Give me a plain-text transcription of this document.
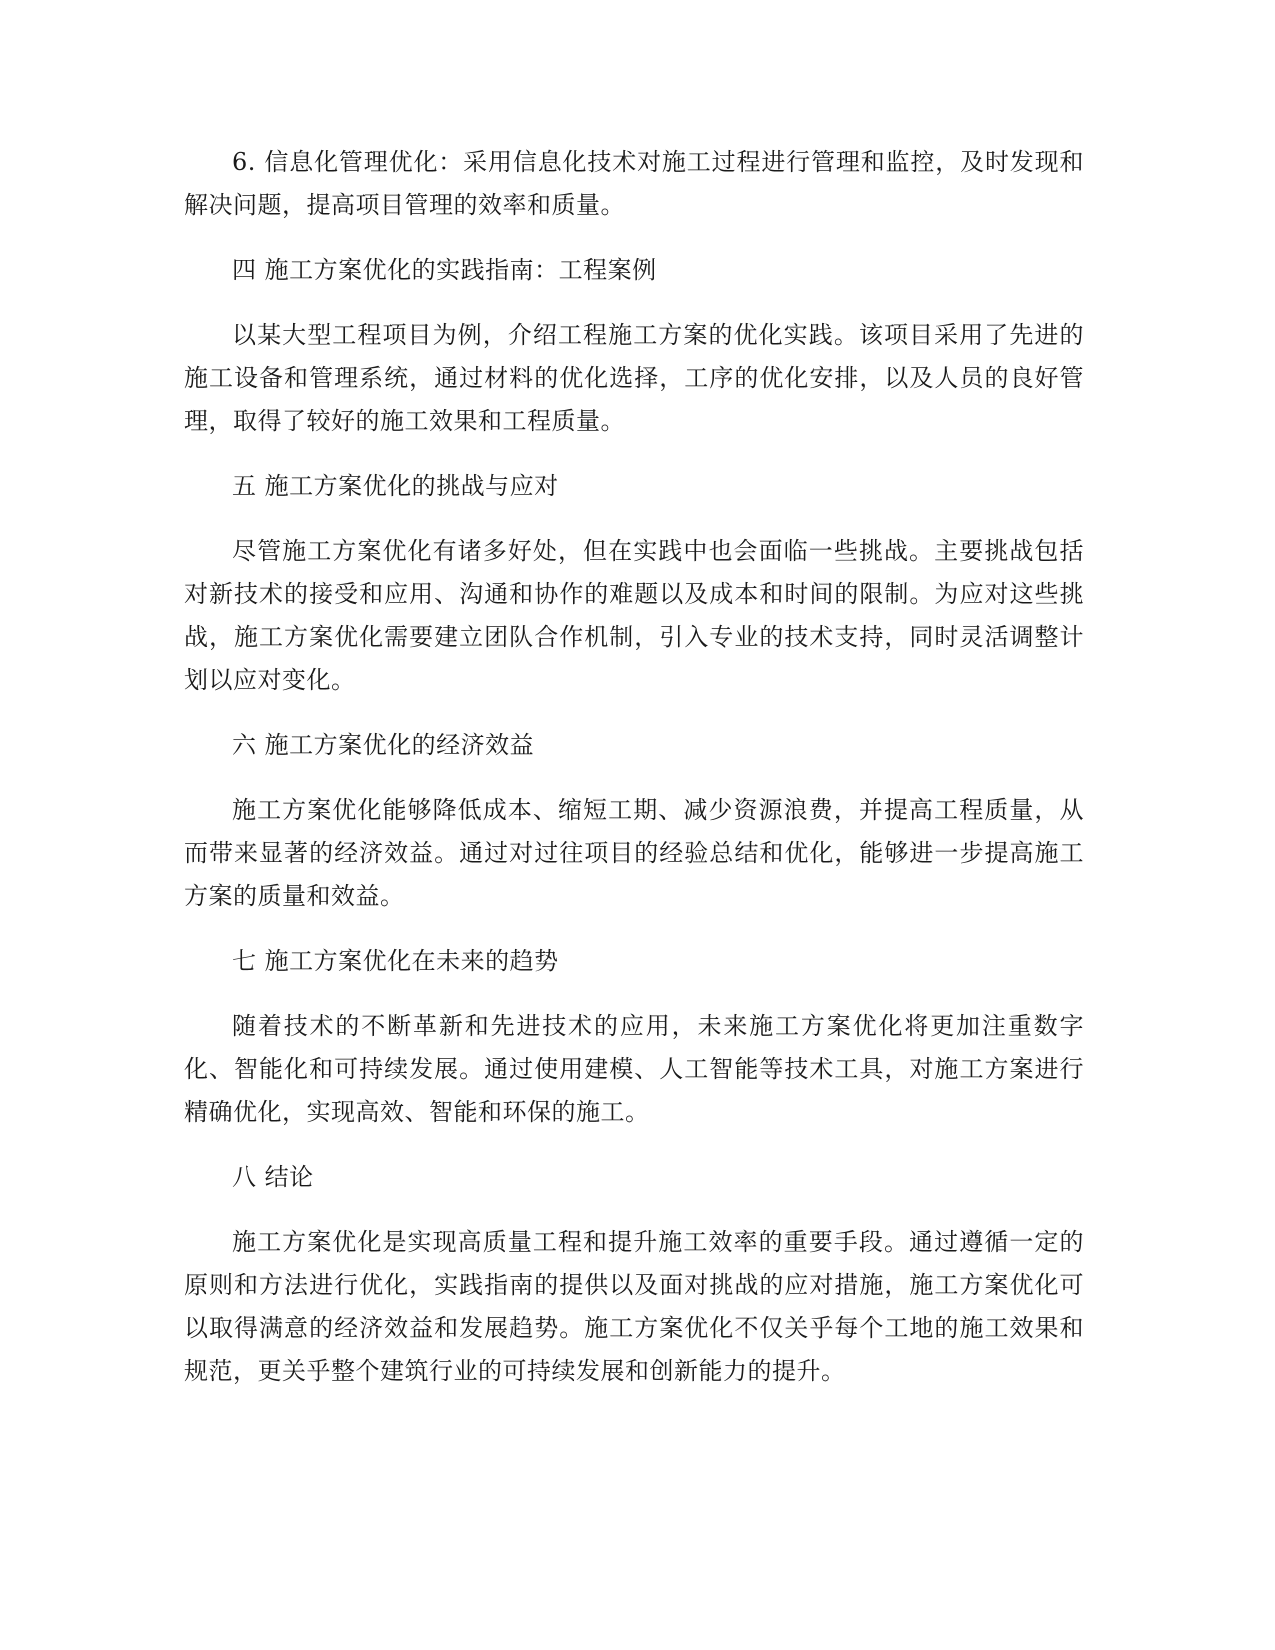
6. 信息化管理优化：采用信息化技术对施工过程进行管理和监控，及时发现和解决问题，提高项目管理的效率和质量。

四 施工方案优化的实践指南：工程案例

以某大型工程项目为例，介绍工程施工方案的优化实践。该项目采用了先进的施工设备和管理系统，通过材料的优化选择，工序的优化安排，以及人员的良好管理，取得了较好的施工效果和工程质量。

五 施工方案优化的挑战与应对

尽管施工方案优化有诸多好处，但在实践中也会面临一些挑战。主要挑战包括对新技术的接受和应用、沟通和协作的难题以及成本和时间的限制。为应对这些挑战，施工方案优化需要建立团队合作机制，引入专业的技术支持，同时灵活调整计划以应对变化。

六 施工方案优化的经济效益

施工方案优化能够降低成本、缩短工期、减少资源浪费，并提高工程质量，从而带来显著的经济效益。通过对过往项目的经验总结和优化，能够进一步提高施工方案的质量和效益。

七 施工方案优化在未来的趋势

随着技术的不断革新和先进技术的应用，未来施工方案优化将更加注重数字化、智能化和可持续发展。通过使用建模、人工智能等技术工具，对施工方案进行精确优化，实现高效、智能和环保的施工。

八 结论

施工方案优化是实现高质量工程和提升施工效率的重要手段。通过遵循一定的原则和方法进行优化，实践指南的提供以及面对挑战的应对措施，施工方案优化可以取得满意的经济效益和发展趋势。施工方案优化不仅关乎每个工地的施工效果和规范，更关乎整个建筑行业的可持续发展和创新能力的提升。
